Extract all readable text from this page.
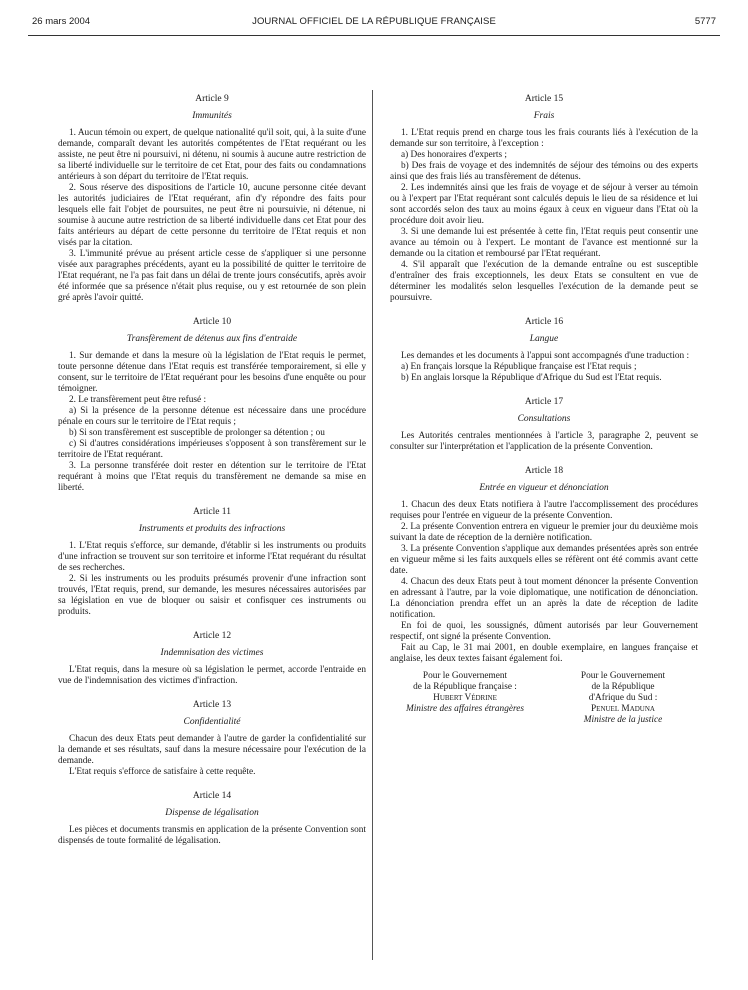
26 mars 2004	JOURNAL OFFICIEL DE LA RÉPUBLIQUE FRANÇAISE	5777
Article 9
Immunités

1. Aucun témoin ou expert, de quelque nationalité qu'il soit, qui, à la suite d'une demande, comparaît devant les autorités compétentes de l'Etat requérant ou les assiste, ne peut être ni poursuivi, ni détenu, ni soumis à aucune autre restriction de sa liberté individuelle sur le territoire de cet Etat, pour des faits ou condamnations antérieurs à son départ du territoire de l'Etat requis.

2. Sous réserve des dispositions de l'article 10, aucune personne citée devant les autorités judiciaires de l'Etat requérant, afin d'y répondre des faits pour lesquels elle fait l'objet de poursuites, ne peut être ni poursuivie, ni détenue, ni soumise à aucune autre restriction de sa liberté individuelle dans cet Etat pour des faits antérieurs au départ de cette personne du territoire de l'Etat requis et non visés par la citation.

3. L'immunité prévue au présent article cesse de s'appliquer si une personne visée aux paragraphes précédents, ayant eu la possibilité de quitter le territoire de l'Etat requérant, ne l'a pas fait dans un délai de trente jours consécutifs, après avoir été informée que sa présence n'était plus requise, ou y est retournée de son plein gré après l'avoir quitté.

Article 10
Transfèrement de détenus aux fins d'entraide

1. Sur demande et dans la mesure où la législation de l'Etat requis le permet, toute personne détenue dans l'Etat requis est transférée temporairement, si elle y consent, sur le territoire de l'Etat requérant pour les besoins d'une enquête ou pour témoigner.

2. Le transfèrement peut être refusé :

a) Si la présence de la personne détenue est nécessaire dans une procédure pénale en cours sur le territoire de l'Etat requis ;

b) Si son transfèrement est susceptible de prolonger sa détention ; ou

c) Si d'autres considérations impérieuses s'opposent à son transfèrement sur le territoire de l'Etat requérant.

3. La personne transférée doit rester en détention sur le territoire de l'Etat requérant à moins que l'Etat requis du transfèrement ne demande sa mise en liberté.

Article 11
Instruments et produits des infractions

1. L'Etat requis s'efforce, sur demande, d'établir si les instruments ou produits d'une infraction se trouvent sur son territoire et informe l'Etat requérant du résultat de ses recherches.

2. Si les instruments ou les produits présumés provenir d'une infraction sont trouvés, l'Etat requis, prend, sur demande, les mesures nécessaires autorisées par sa législation en vue de bloquer ou saisir et confisquer ces instruments ou produits.

Article 12
Indemnisation des victimes

L'Etat requis, dans la mesure où sa législation le permet, accorde l'entraide en vue de l'indemnisation des victimes d'infraction.

Article 13
Confidentialité

Chacun des deux Etats peut demander à l'autre de garder la confidentialité sur la demande et ses résultats, sauf dans la mesure nécessaire pour l'exécution de la demande.

L'Etat requis s'efforce de satisfaire à cette requête.

Article 14
Dispense de légalisation

Les pièces et documents transmis en application de la présente Convention sont dispensés de toute formalité de légalisation.

Article 15
Frais

1. L'Etat requis prend en charge tous les frais courants liés à l'exécution de la demande sur son territoire, à l'exception :

a) Des honoraires d'experts ;

b) Des frais de voyage et des indemnités de séjour des témoins ou des experts ainsi que des frais liés au transfèrement de détenus.

2. Les indemnités ainsi que les frais de voyage et de séjour à verser au témoin ou à l'expert par l'Etat requérant sont calculés depuis le lieu de sa résidence et lui sont accordés selon des taux au moins égaux à ceux en vigueur dans l'Etat où la procédure doit avoir lieu.

3. Si une demande lui est présentée à cette fin, l'Etat requis peut consentir une avance au témoin ou à l'expert. Le montant de l'avance est mentionné sur la demande ou la citation et remboursé par l'Etat requérant.

4. S'il apparaît que l'exécution de la demande entraîne ou est susceptible d'entraîner des frais exceptionnels, les deux Etats se consultent en vue de déterminer les modalités selon lesquelles l'exécution de la demande peut se poursuivre.

Article 16
Langue

Les demandes et les documents à l'appui sont accompagnés d'une traduction :

a) En français lorsque la République française est l'Etat requis ;

b) En anglais lorsque la République d'Afrique du Sud est l'Etat requis.

Article 17
Consultations

Les Autorités centrales mentionnées à l'article 3, paragraphe 2, peuvent se consulter sur l'interprétation et l'application de la présente Convention.

Article 18
Entrée en vigueur et dénonciation

1. Chacun des deux Etats notifiera à l'autre l'accomplissement des procédures requises pour l'entrée en vigueur de la présente Convention.

2. La présente Convention entrera en vigueur le premier jour du deuxième mois suivant la date de réception de la dernière notification.

3. La présente Convention s'applique aux demandes présentées après son entrée en vigueur même si les faits auxquels elles se réfèrent ont été commis avant cette date.

4. Chacun des deux Etats peut à tout moment dénoncer la présente Convention en adressant à l'autre, par la voie diplomatique, une notification de dénonciation. La dénonciation prendra effet un an après la date de réception de ladite notification.

En foi de quoi, les soussignés, dûment autorisés par leur Gouvernement respectif, ont signé la présente Convention.

Fait au Cap, le 31 mai 2001, en double exemplaire, en langues française et anglaise, les deux textes faisant également foi.

Pour le Gouvernement
de la République française :
Hubert Védrine
Ministre des affaires étrangères
Pour le Gouvernement
de la République
d'Afrique du Sud :
Penuel Maduna
Ministre de la justice
